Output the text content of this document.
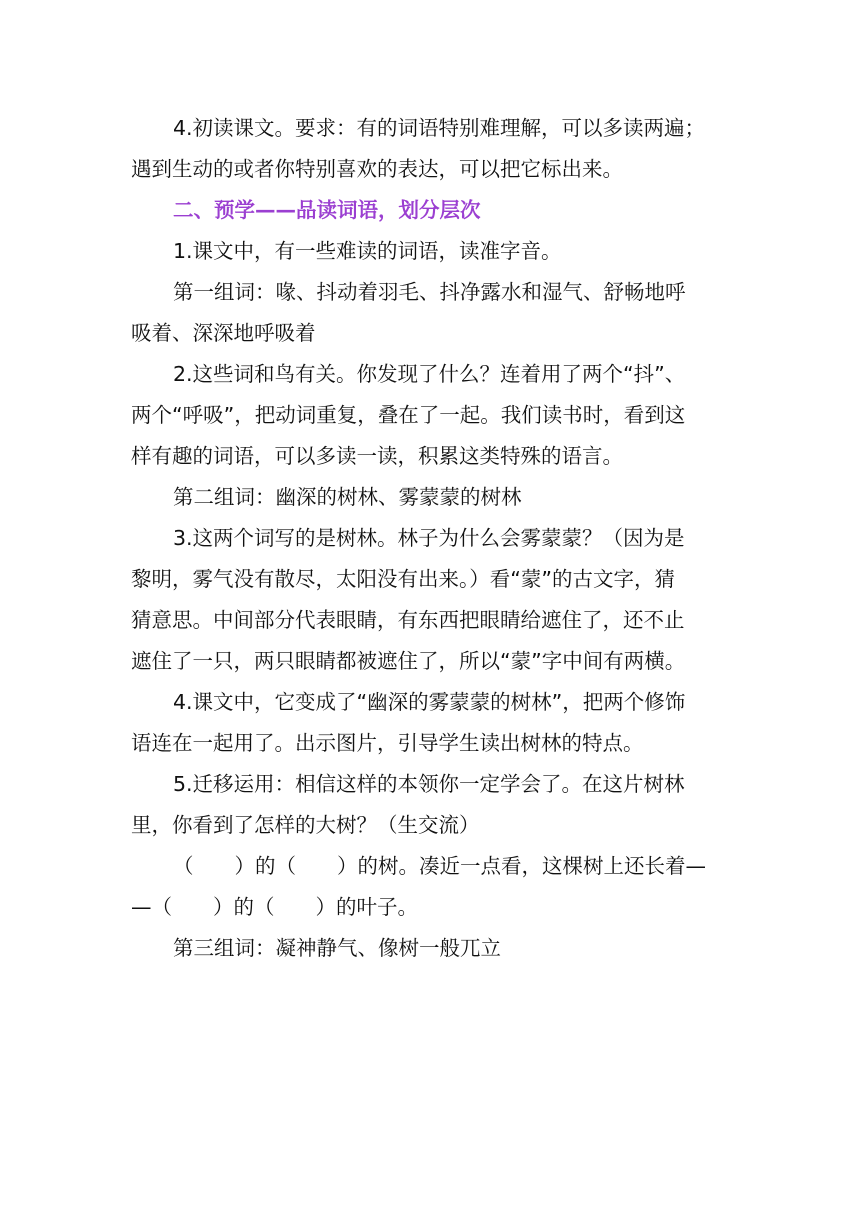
4.初读课文。要求：有的词语特别难理解，可以多读两遍；
遇到生动的或者你特别喜欢的表达，可以把它标出来。
二、预学——品读词语，划分层次
1.课文中，有一些难读的词语，读准字音。
第一组词：喙、抖动着羽毛、抖净露水和湿气、舒畅地呼
吸着、深深地呼吸着
2.这些词和鸟有关。你发现了什么？连着用了两个“抖”、
两个“呼吸”，把动词重复，叠在了一起。我们读书时，看到这
样有趣的词语，可以多读一读，积累这类特殊的语言。
第二组词：幽深的树林、雾蒙蒙的树林
3.这两个词写的是树林。林子为什么会雾蒙蒙？（因为是
黎明，雾气没有散尽，太阳没有出来。）看“蒙”的古文字，猜
猜意思。中间部分代表眼睛，有东西把眼睛给遮住了，还不止
遮住了一只，两只眼睛都被遮住了，所以“蒙”字中间有两横。
4.课文中，它变成了“幽深的雾蒙蒙的树林”，把两个修饰
语连在一起用了。出示图片，引导学生读出树林的特点。
5.迁移运用：相信这样的本领你一定学会了。在这片树林
里，你看到了怎样的大树？（生交流）
（　　）的（　　）的树。凑近一点看，这棵树上还长着—
—（　　）的（　　）的叶子。
第三组词：凝神静气、像树一般兀立
